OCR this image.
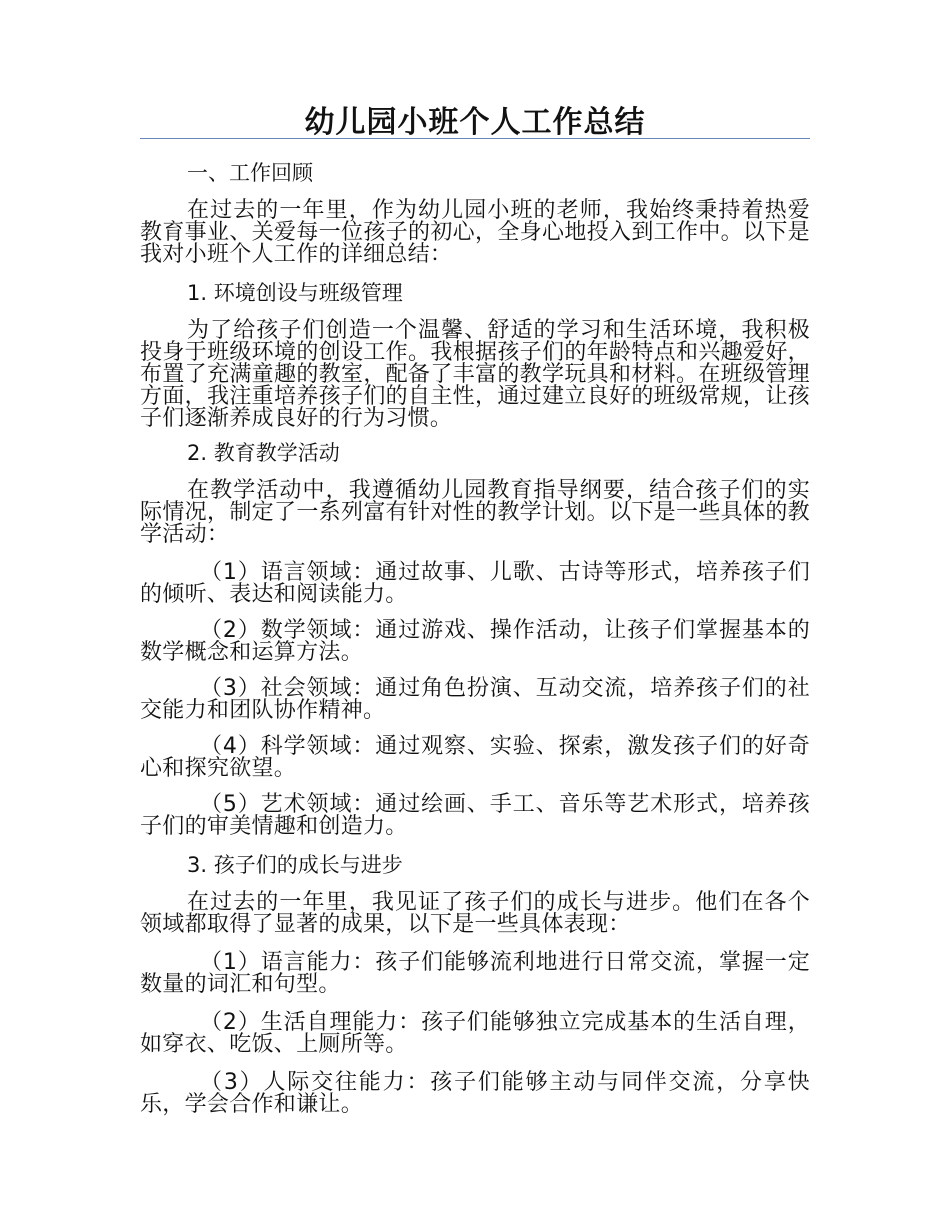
幼儿园小班个人工作总结
一、工作回顾
在过去的一年里，作为幼儿园小班的老师，我始终秉持着热爱教育事业、关爱每一位孩子的初心，全身心地投入到工作中。以下是我对小班个人工作的详细总结：
1. 环境创设与班级管理
为了给孩子们创造一个温馨、舒适的学习和生活环境，我积极投身于班级环境的创设工作。我根据孩子们的年龄特点和兴趣爱好，布置了充满童趣的教室，配备了丰富的教学玩具和材料。在班级管理方面，我注重培养孩子们的自主性，通过建立良好的班级常规，让孩子们逐渐养成良好的行为习惯。
2. 教育教学活动
在教学活动中，我遵循幼儿园教育指导纲要，结合孩子们的实际情况，制定了一系列富有针对性的教学计划。以下是一些具体的教学活动：
（1）语言领域：通过故事、儿歌、古诗等形式，培养孩子们的倾听、表达和阅读能力。
（2）数学领域：通过游戏、操作活动，让孩子们掌握基本的数学概念和运算方法。
（3）社会领域：通过角色扮演、互动交流，培养孩子们的社交能力和团队协作精神。
（4）科学领域：通过观察、实验、探索，激发孩子们的好奇心和探究欲望。
（5）艺术领域：通过绘画、手工、音乐等艺术形式，培养孩子们的审美情趣和创造力。
3. 孩子们的成长与进步
在过去的一年里，我见证了孩子们的成长与进步。他们在各个领域都取得了显著的成果，以下是一些具体表现：
（1）语言能力：孩子们能够流利地进行日常交流，掌握一定数量的词汇和句型。
（2）生活自理能力：孩子们能够独立完成基本的生活自理，如穿衣、吃饭、上厕所等。
（3）人际交往能力：孩子们能够主动与同伴交流，分享快乐，学会合作和谦让。
